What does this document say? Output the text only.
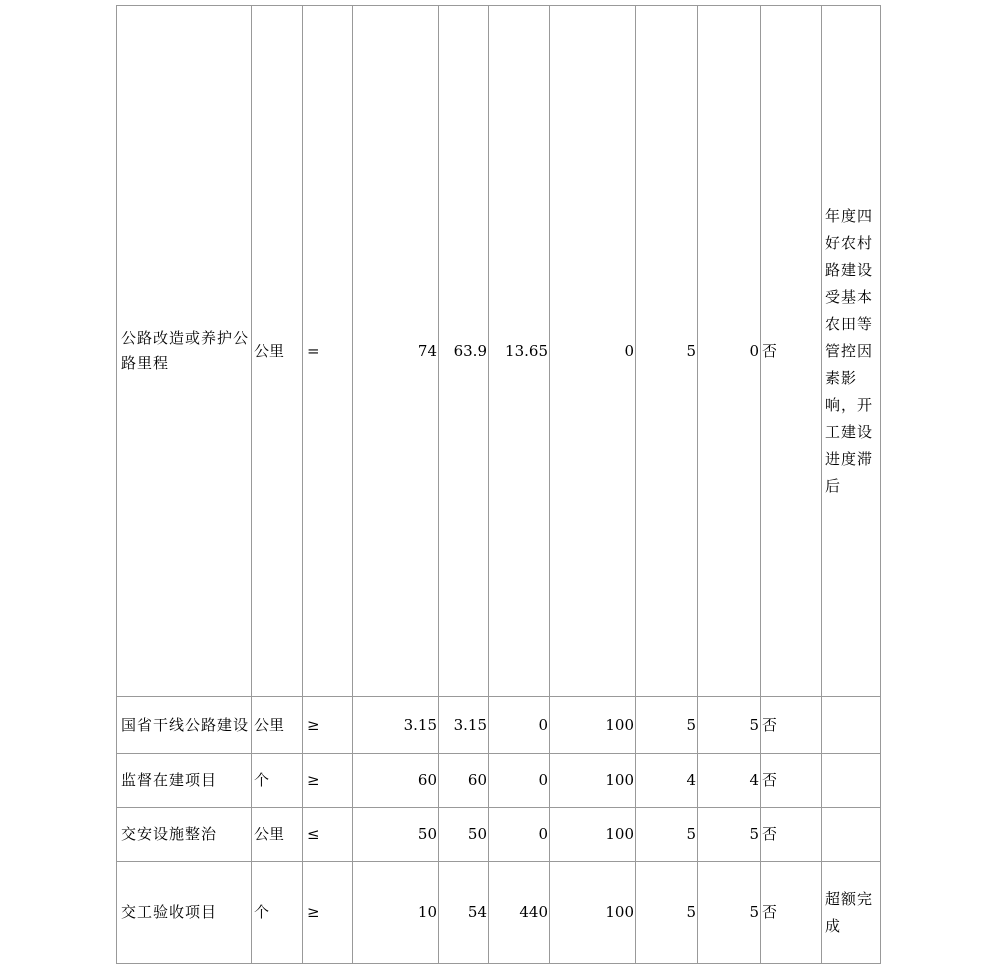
公路改造或养护公路里程	公里	=	74	63.9	13.65	0	5	0	否	年度四好农村路建设受基本农田等管控因素影响，开工建设进度滞后
国省干线公路建设	公里	≥	3.15	3.15	0	100	5	5	否	
监督在建项目	个	≥	60	60	0	100	4	4	否	
交安设施整治	公里	≤	50	50	0	100	5	5	否	
交工验收项目	个	≥	10	54	440	100	5	5	否	超额完成
